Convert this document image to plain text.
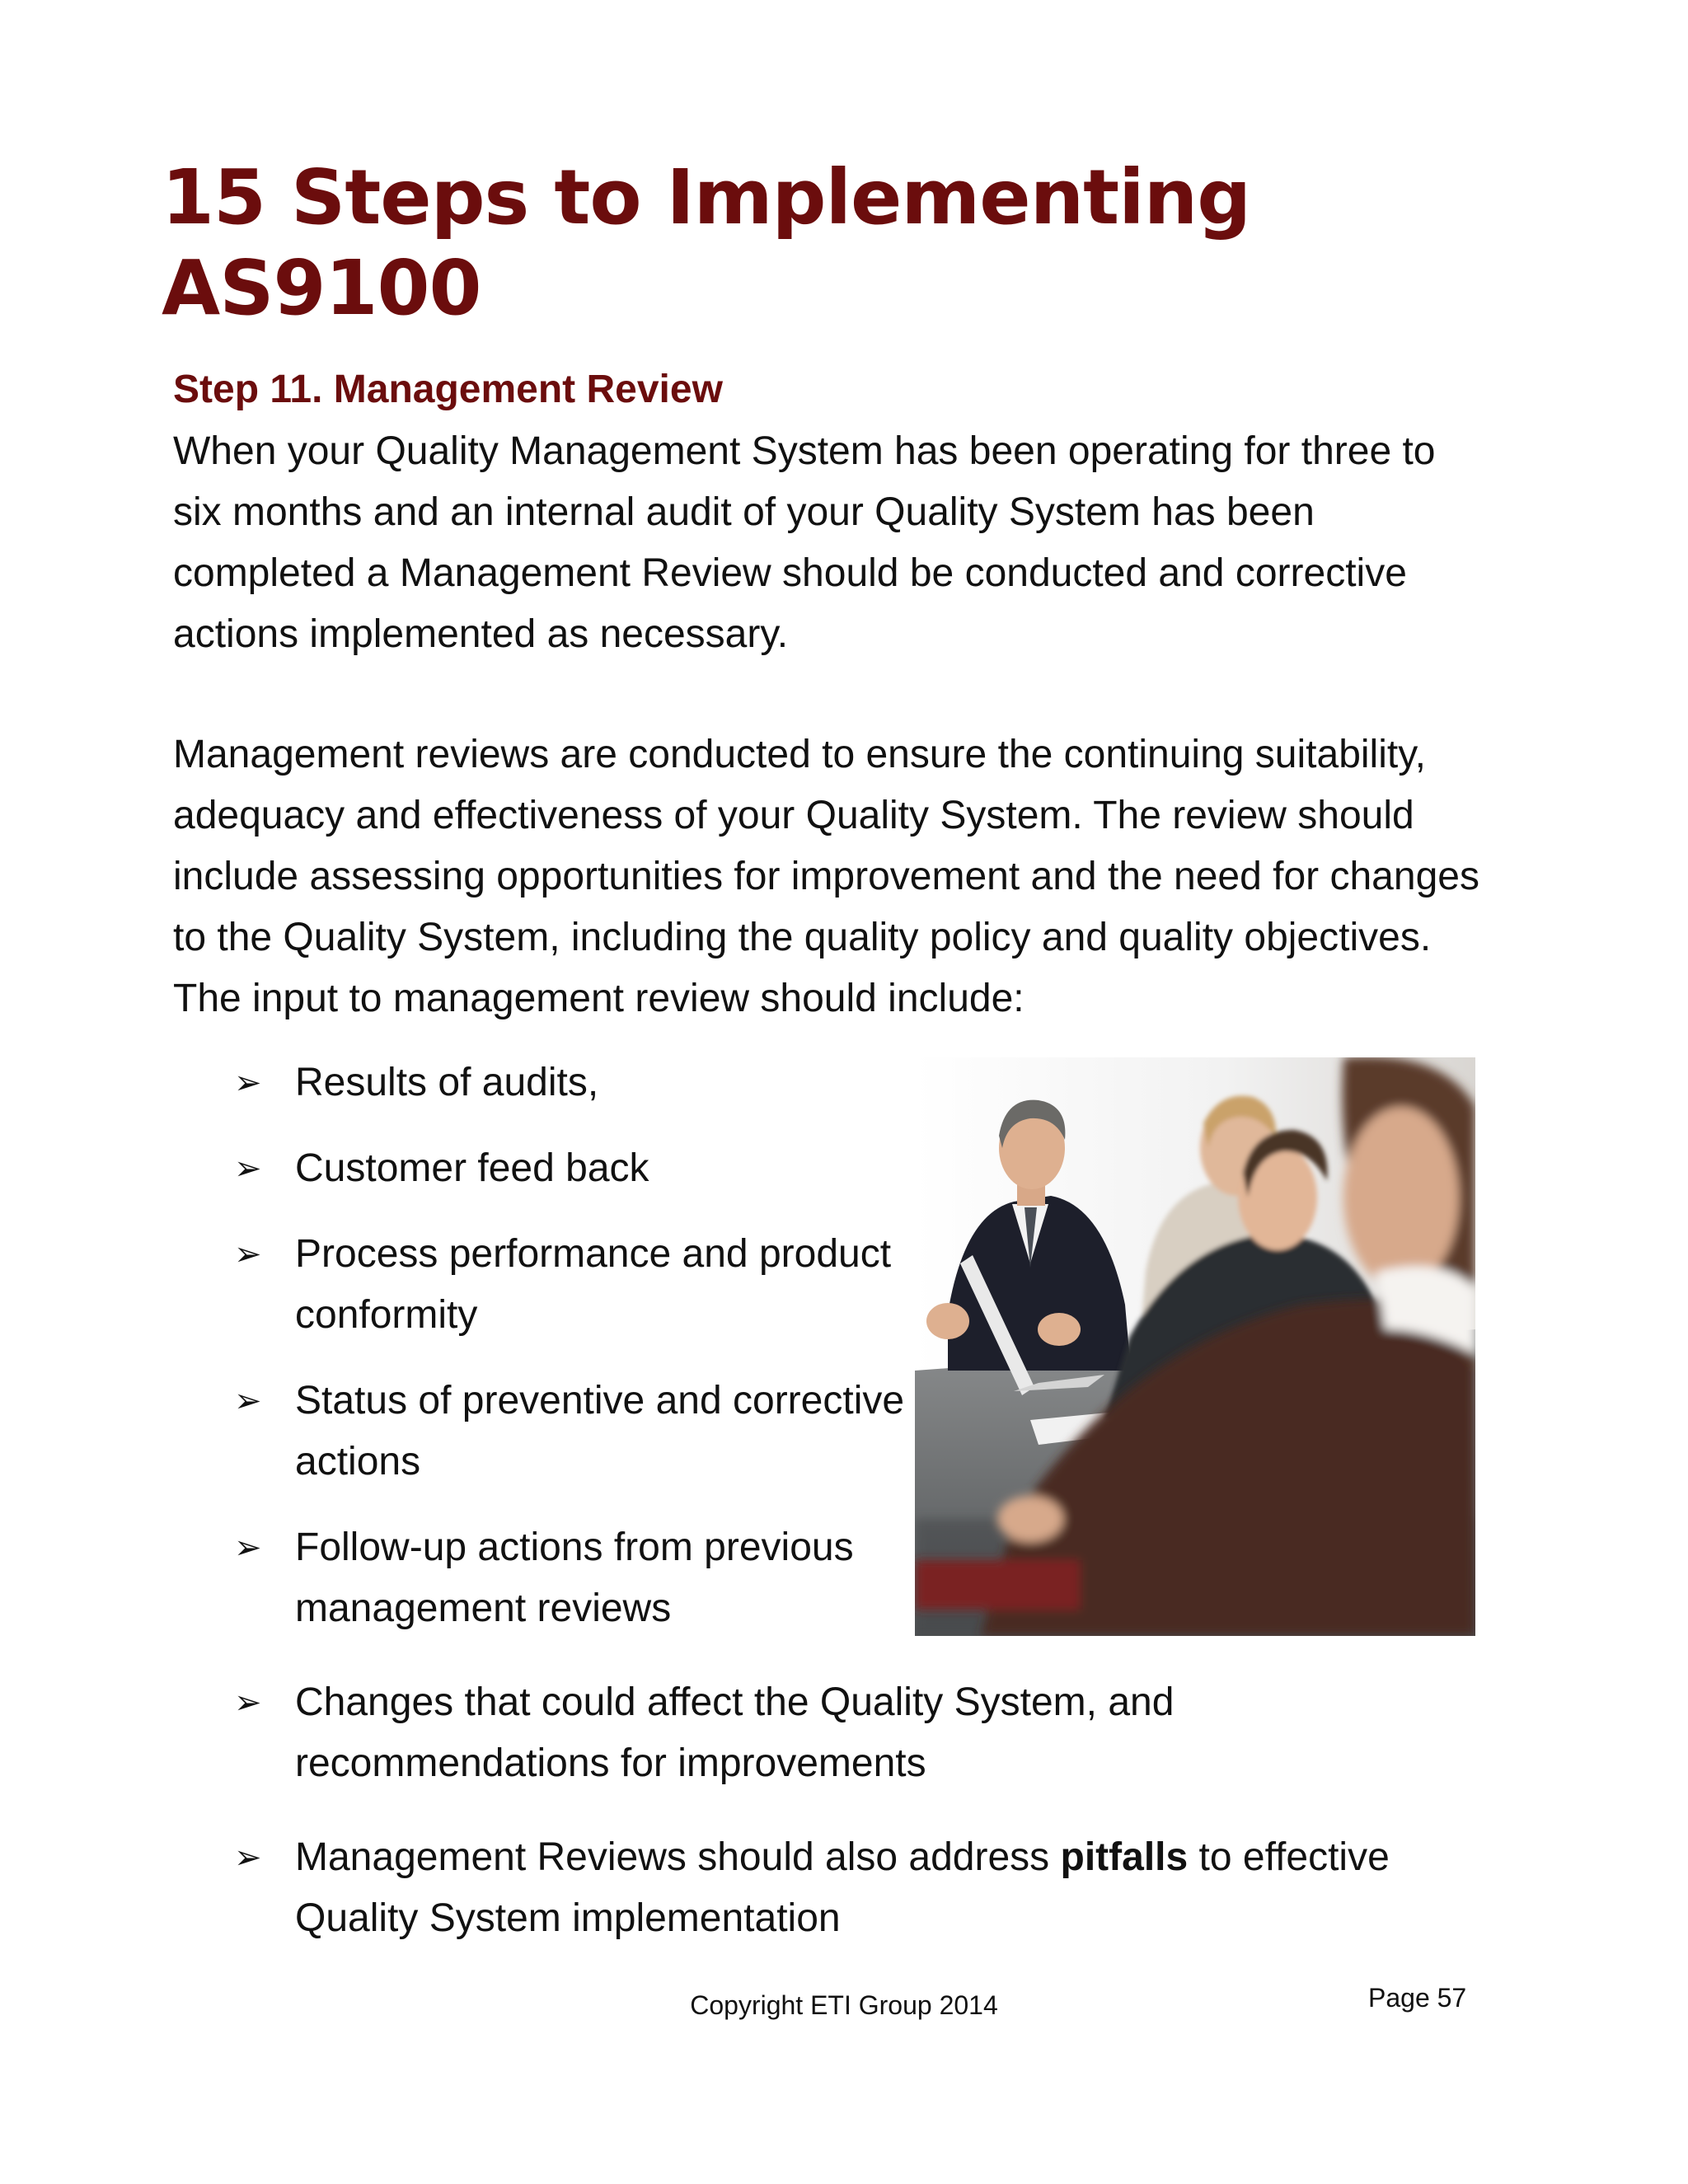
15 Steps to Implementing
AS9100
Step 11. Management Review

When your Quality Management System has been operating for three to six months and an internal audit of your Quality System has been completed a Management Review should be conducted and corrective actions implemented as necessary.

Management reviews are conducted to ensure the continuing suitability, adequacy and effectiveness of your Quality System. The review should include assessing opportunities for improvement and the need for changes to the Quality System, including the quality policy and quality objectives. The input to management review should include:

➢ Results of audits,
➢ Customer feed back
➢ Process performance and product conformity
➢ Status of preventive and corrective actions
➢ Follow-up actions from previous management reviews
➢ Changes that could affect the Quality System, and recommendations for improvements
➢ Management Reviews should also address pitfalls to effective Quality System implementation
Copyright ETI Group 2014	Page 57
